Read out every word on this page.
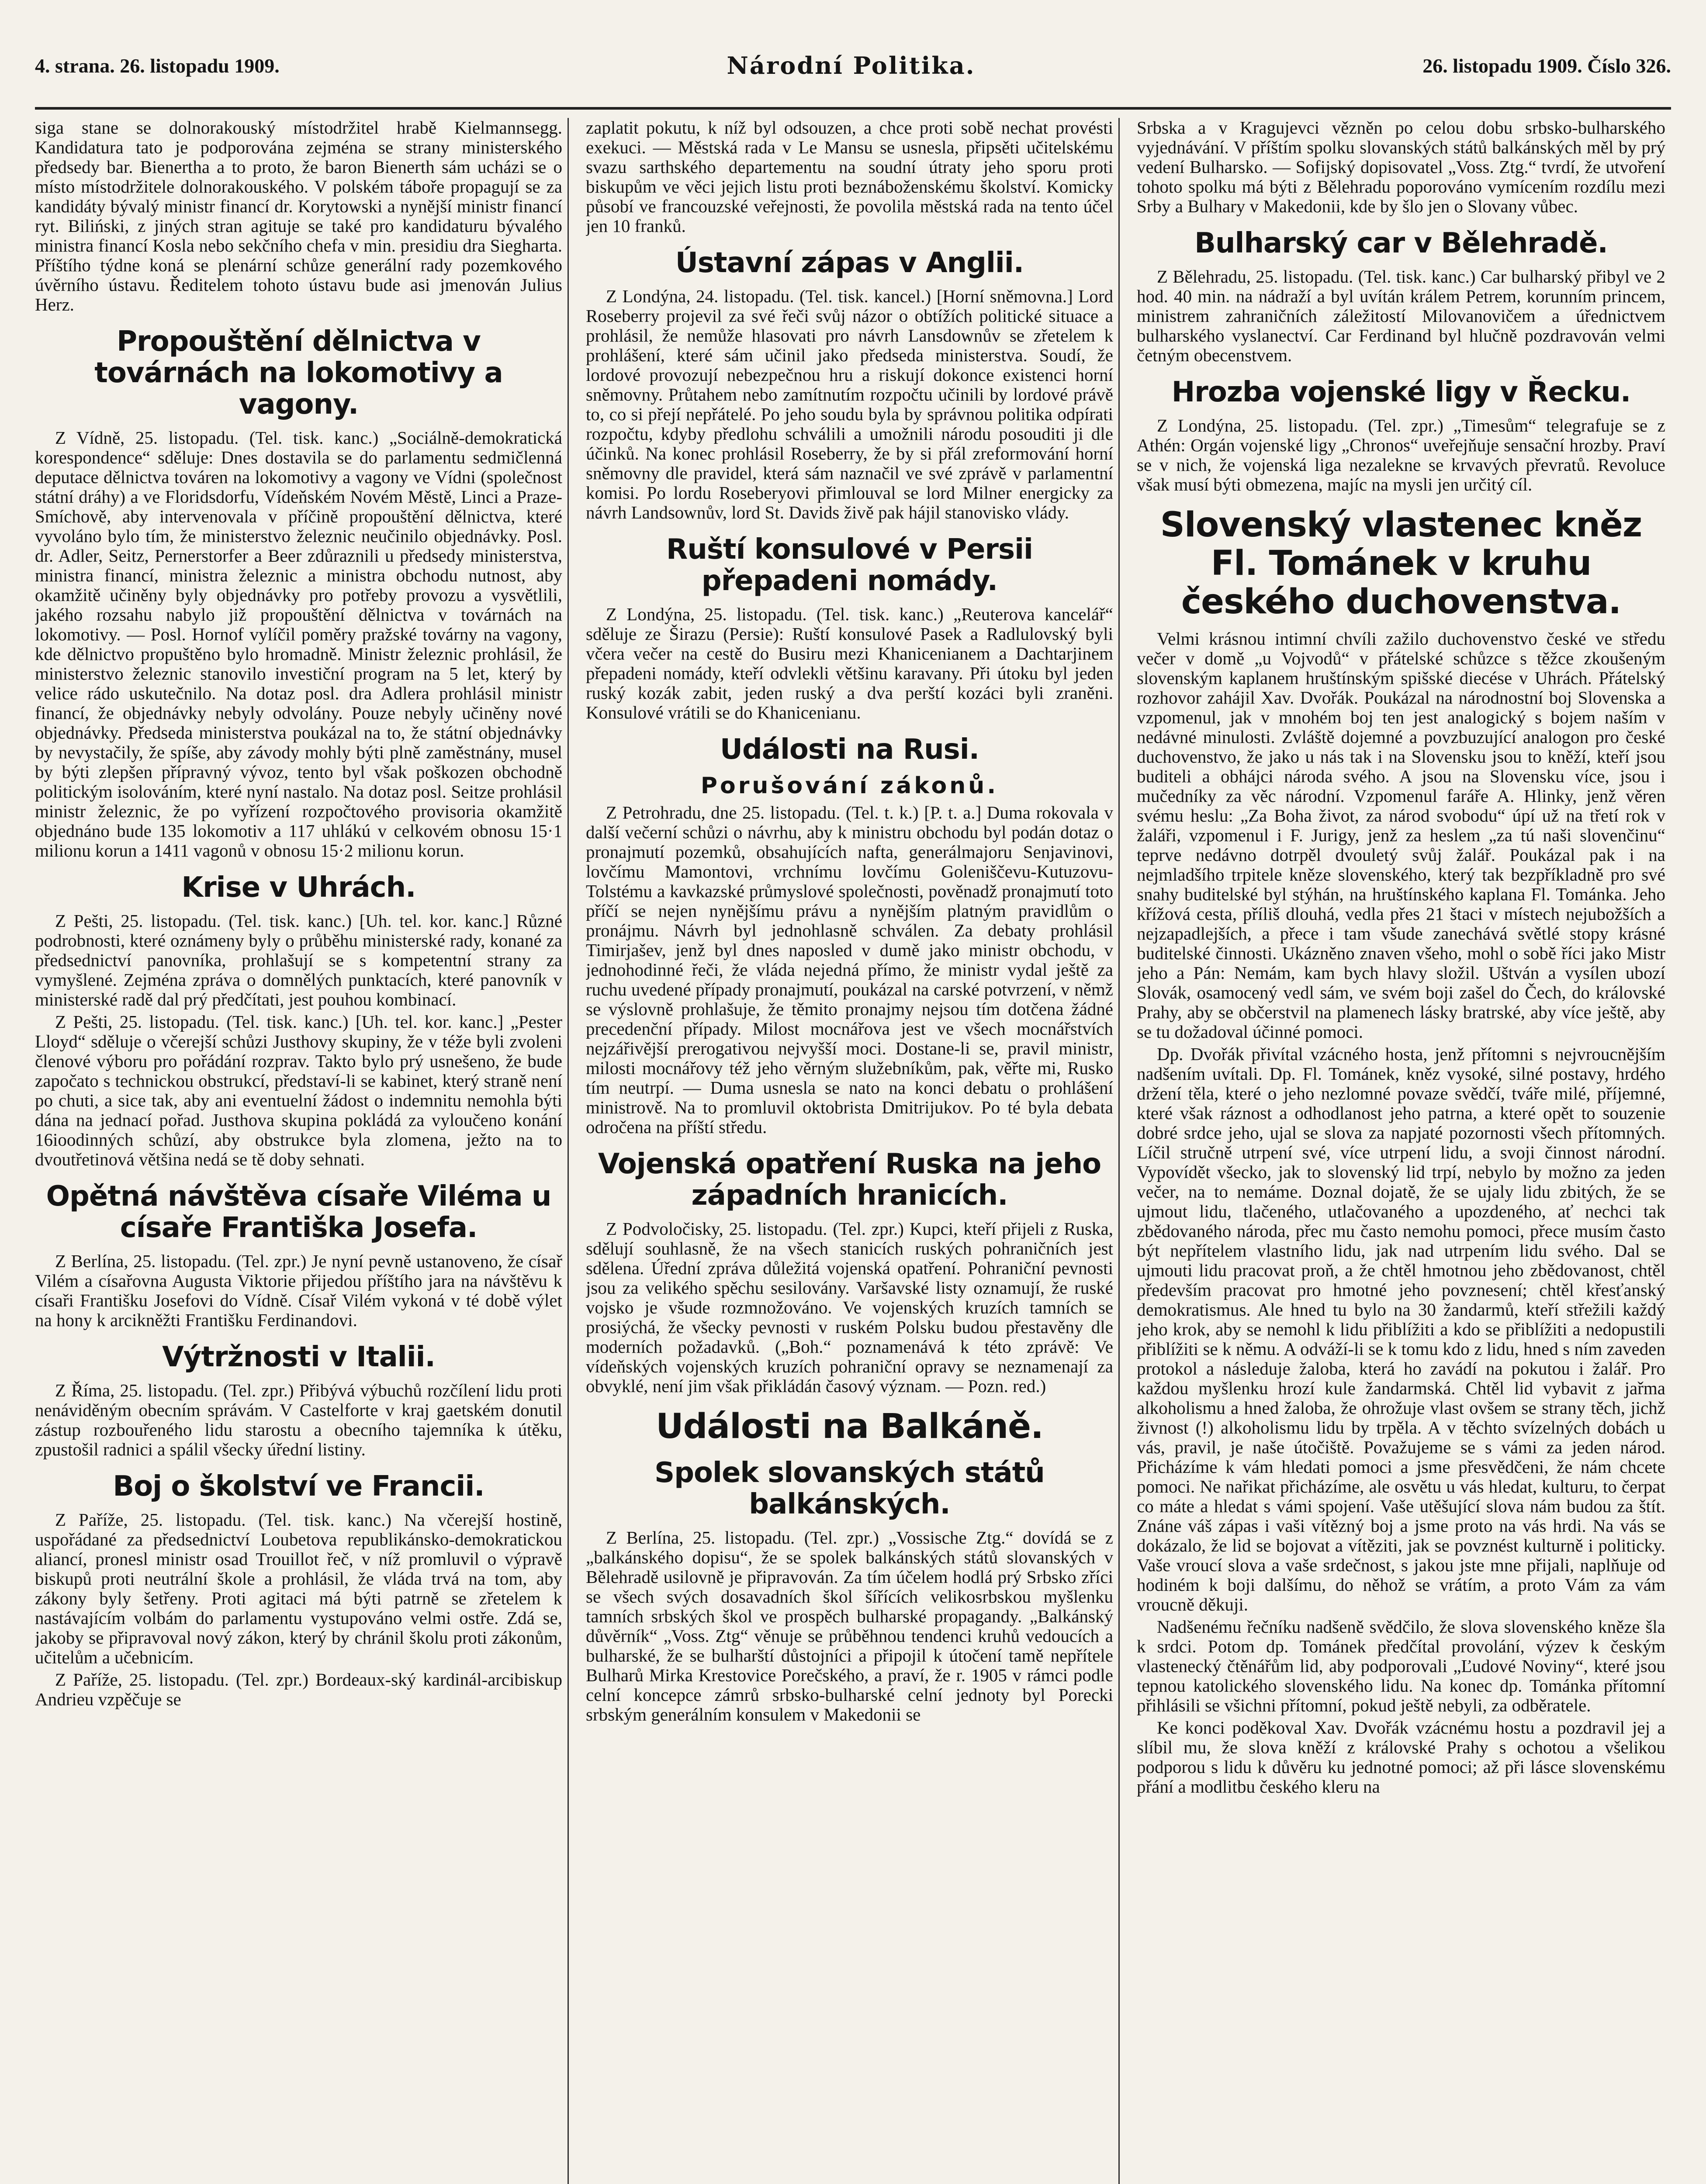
4. strana. 26. listopadu 1909.	Národní Politika.	26. listopadu 1909. Číslo 326.

siga stane se dolnorakouský místodržitel hrabě Kielmannsegg. Kandidatura tato je podporována zejména se strany ministerského předsedy bar. Bienertha a to proto, že baron Bienerth sám ucházi se o místo místodržitele dolnorakouského. V polském táboře propagují se za kandidáty bývalý ministr financí dr. Korytowski a nynější ministr financí ryt. Biliński, z jiných stran agituje se také pro kandidaturu bývalého ministra financí Kosla nebo sekčního chefa v min. presidiu dra Sieghartа. Příštího týdne koná se plenární schůze generální rady pozemkového úvěrního ústavu. Ředitelem tohoto ústavu bude asi jmenován Julius Herz.

Propouštění dělnictva v továrnách na lokomotivy a vagony.

Z Vídně, 25. listopadu. (Tel. tisk. kanc.) „Sociálně-demokratická korespondence“ sděluje: Dnes dostavila se do parlamentu sedmičlenná deputace dělnictva továren na lokomotivy a vagony ve Vídni (společnost státní dráhy) a ve Floridsdorfu, Vídeňském Novém Městě, Linci a Praze-Smíchově, aby intervenovala v příčině propouštění dělnictva, které vyvoláno bylo tím, že ministerstvo železnic neučinilo objednávky. Posl. dr. Adler, Seitz, Pernerstorfer a Beer zdůraznili u předsedy ministerstva, ministra financí, ministra železnic a ministra obchodu nutnost, aby okamžitě učiněny byly objednávky pro potřeby provozu a vysvětlili, jakého rozsahu nabylo již propouštění dělnictva v továrnách na lokomotivy. — Posl. Hornof vylíčil poměry pražské továrny na vagony, kde dělnictvo propuštěno bylo hromadně. Ministr železnic prohlásil, že ministerstvo železnic stanovilo investiční program na 5 let, který by velice rádo uskutečnilo. Na dotaz posl. dra Adlera prohlásil ministr financí, že objednávky nebyly odvolány. Pouze nebyly učiněny nové objednávky. Předseda ministerstva poukázal na to, že státní objednávky by nevystačily, že spíše, aby závody mohly býti plně zaměstnány, musel by býti zlepšen přípravný vývoz, tento byl však poškozen obchodně politickým isolováním, které nyní nastalo. Na dotaz posl. Seitze prohlásil ministr železnic, že po vyřízení rozpočtového provisoria okamžitě objednáno bude 135 lokomotiv a 117 uhlákú v celkovém obnosu 15·1 milionu korun a 1411 vagonů v obnosu 15·2 milionu korun.

Krise v Uhrách.

Z Pešti, 25. listopadu. (Tel. tisk. kanc.) [Uh. tel. kor. kanc.] Různé podrobnosti, které oznámeny byly o průběhu ministerské rady, konané za předsednictví panovníka, prohlašují se s kompetentní strany za vymyšlené. Zejména zpráva o domnělých punktacích, které panovník v ministerské radě dal prý předčítati, jest pouhou kombinací.

Z Pešti, 25. listopadu. (Tel. tisk. kanc.) [Uh. tel. kor. kanc.] „Pester Lloyd“ sděluje o včerejší schůzi Justhovy skupiny, že v téže byli zvoleni členové výboru pro pořádání rozprav. Takto bylo prý usnešeno, že bude započato s technickou obstrukcí, představí-li se kabinet, který straně není po chuti, a sice tak, aby ani eventuelní žádost o indemnitu nemohla býti dána na jednací pořad. Justhova skupina pokládá za vyloučeno konání 16ioodinných schůzí, aby obstrukce byla zlomena, ježto na to dvoutřetinová většina nedá se tě doby sehnati.

Opětná návštěva císaře Viléma u císaře Františka Josefa.

Z Berlína, 25. listopadu. (Tel. zpr.) Je nyní pevně ustanoveno, že císař Vilém a císařovna Augusta Viktorie přijedou příštího jara na návštěvu k císaři Františku Josefovi do Vídně. Císař Vilém vykoná v té době výlet na hony k arcikněžti Františku Ferdinandovi.

Výtržnosti v Italii.

Z Říma, 25. listopadu. (Tel. zpr.) Přibývá výbuchů rozčílení lidu proti nenáviděným obecním správám. V Castelforte v kraj gaetském donutil zástup rozbouřeného lidu starostu a obecního tajemníka k útěku, zpustošil radnici a spálil všecky úřední listiny.

Boj o školství ve Francii.

Z Paříže, 25. listopadu. (Tel. tisk. kanc.) Na včerejší hostině, uspořádané za předsednictví Loubetova republikánsko-demokratickou aliancí, pronesl ministr osad Trouillot řeč, v níž promluvil o výpravě biskupů proti neutrální škole a prohlásil, že vláda trvá na tom, aby zákony byly šetřeny. Proti agitaci má býti patrně se zřetelem k nastávajícím volbám do parlamentu vystupováno velmi ostře. Zdá se, jakoby se připravoval nový zákon, který by chránil školu proti zákonům, učitelům a učebnicím.

Z Paříže, 25. listopadu. (Tel. zpr.) Bordeaux-ský kardinál-arcibiskup Andrieu vzpěčuje se

zaplatit pokutu, k níž byl odsouzen, a chce proti sobě nechat provésti exekuci. — Městská rada v Le Mansu se usnesla, připsěti učitelskému svazu sarthského departementu na soudní útraty jeho sporu proti biskupům ve věci jejich listu proti beznáboženskému školství. Komicky působí ve francouzské veřejnosti, že povolila městská rada na tento účel jen 10 franků.

Ústavní zápas v Anglii.

Z Londýna, 24. listopadu. (Tel. tisk. kancel.) [Horní sněmovna.] Lord Roseberry projevil za své řeči svůj názor o obtížích politické situace a prohlásil, že nemůže hlasovati pro návrh Lansdownův se zřetelem k prohlášení, které sám učinil jako předseda ministerstva. Soudí, že lordové provozují nebezpečnou hru a riskují dokonce existenci horní sněmovny. Průtahem nebo zamítnutím rozpočtu učinili by lordové právě to, co si přejí nepřátelé. Po jeho soudu byla by správnou politika odpírati rozpočtu, kdyby předlohu schválili a umožnili národu posouditi ji dle účinků. Na konec prohlásil Roseberry, že by si přál zreformování horní sněmovny dle pravidel, která sám naznačil ve své zprávě v parlamentní komisi. Po lordu Roseberyovi přimlouval se lord Milner energicky za návrh Landsownův, lord St. Davids živě pak hájil stanovisko vlády.

Ruští konsulové v Persii přepadeni nomády.

Z Londýna, 25. listopadu. (Tel. tisk. kanc.) „Reuterova kancelář“ sděluje ze Širazu (Persie): Ruští konsulové Pasek a Radlulovský byli včera večer na cestě do Busiru mezi Khanicenianem a Dachtarjinem přepadeni nomády, kteří odvlekli většinu karavany. Při útoku byl jeden ruský kozák zabit, jeden ruský a dva perští kozáci byli zraněni. Konsulové vrátili se do Khanicenianu.

Události na Rusi.
Porušování zákonů.

Z Petrohradu, dne 25. listopadu. (Tel. t. k.) [P. t. a.] Duma rokovala v další večerní schůzi o návrhu, aby k ministru obchodu byl podán dotaz o pronajmutí pozemků, obsahujících nafta, generálmajoru Senjavinovi, lovčímu Mamontovi, vrchnímu lovčímu Goleniščevu-Kutuzovu-Tolstému a kavkazské průmyslové společnosti, pověnadž pronajmutí toto příčí se nejen nynějšímu právu a nynějším platným pravidlům o pronájmu. Návrh byl jednohlasně schválen. Za debaty prohlásil Timirjašev, jenž byl dnes naposled v dumě jako ministr obchodu, v jednohodinné řeči, že vláda nejedná přímo, že ministr vydal ještě za ruchu uvedené případy pronajmutí, poukázal na carské potvrzení, v němž se výslovně prohlašuje, že těmito pronajmy nejsou tím dotčena žádné precedenční případy. Milost mocnářova jest ve všech mocnářstvích nejzářivější prerogativou nejvyšší moci. Dostane-li se, pravil ministr, milosti mocnářovy též jeho věrným služebníkům, pak, věřte mi, Rusko tím neutrpí. — Duma usnesla se nato na konci debatu o prohlášení ministrově. Na to promluvil oktobrista Dmitrijukov. Po té byla debata odročena na příští středu.

Vojenská opatření Ruska na jeho západních hranicích.

Z Podvoločisky, 25. listopadu. (Tel. zpr.) Kupci, kteří přijeli z Ruska, sdělují souhlasně, že na všech stanicích ruských pohraničních jest sdělena. Úřední zpráva důležitá vojenská opatření. Pohraniční pevnosti jsou za velikého spěchu sesilovány. Varšavské listy oznamují, že ruské vojsko je všude rozmnožováno. Ve vojenských kruzích tamních se prosiýchá, že všecky pevnosti v ruském Polsku budou přestavěny dle moderních požadavků. („Boh.“ poznamenává k této zprávě: Ve vídeňských vojenských kruzích pohraniční opravy se neznamenají za obvyklé, není jim však přikládán časový význam. — Pozn. red.)

Události na Balkáně.
Spolek slovanských států balkánských.

Z Berlína, 25. listopadu. (Tel. zpr.) „Vossische Ztg.“ dovídá se z „balkánského dopisu“, že se spolek balkánských států slovanských v Bělehradě usilovně je připravován. Za tím účelem hodlá prý Srbsko zříci se všech svých dosavadních škol šířících velikosrbskou myšlenku tamních srbských škol ve prospěch bulharské propagandy. „Balkánský důvěrník“ „Voss. Ztg“ věnuje se průběhnou tendenci kruhů vedoucích a bulharské, že se bulharští důstojníci a připojil k útočení tamě nepřítele Bulharů Mirka Krestovice Porečského, a praví, že r. 1905 v rámci podle celní koncepce zámrů srbsko-bulharské celní jednoty byl Porecki srbským generálním konsulem v Makedonii se

Srbska a v Kragujevci vězněn po celou dobu srbsko-bulharského vyjednávání. V příštím spolku slovanských států balkánských měl by prý vedení Bulharsko. — Sofijský dopisovatel „Voss. Ztg.“ tvrdí, že utvoření tohoto spolku má býti z Bělehradu poporováno vymícením rozdílu mezi Srby a Bulhary v Makedonii, kde by šlo jen o Slovany vůbec.

Bulharský car v Bělehradě.

Z Bělehradu, 25. listopadu. (Tel. tisk. kanc.) Car bulharský přibyl ve 2 hod. 40 min. na nádraží a byl uvítán králem Petrem, korunním princem, ministrem zahraničních záležitostí Milovanovičem a úřednictvem bulharského vyslanectví. Car Ferdinand byl hlučně pozdravován velmi četným obecenstvem.

Hrozba vojenské ligy v Řecku.

Z Londýna, 25. listopadu. (Tel. zpr.) „Timesům“ telegrafuje se z Athén: Orgán vojenské ligy „Chronos“ uveřejňuje sensační hrozby. Praví se v nich, že vojenská liga nezalekne se krvavých převratů. Revoluce však musí býti obmezena, majíc na mysli jen určitý cíl.

Slovenský vlastenec kněz Fl. Tománek v kruhu českého duchovenstva.

Velmi krásnou intimní chvíli zažilo duchovenstvo české ve středu večer v domě „u Vojvodů“ v přátelské schůzce s těžce zkoušeným slovenským kaplanem hruštínským spišské diecése v Uhrách. Přátelský rozhovor zahájil Xav. Dvořák. Poukázal na národnostní boj Slovenska a vzpomenul, jak v mnohém boj ten jest analogický s bojem naším v nedávné minulosti. Zvláště dojemné a povzbuzující analogon pro české duchovenstvo, že jako u nás tak i na Slovensku jsou to kněží, kteří jsou buditeli a obhájci národa svého. A jsou na Slovensku více, jsou i mučedníky za věc národní. Vzpomenul faráře A. Hlinky, jenž věren svému heslu: „Za Boha život, za národ svobodu“ úpí už na třetí rok v žaláři, vzpomenul i F. Jurigy, jenž za heslem „za tú naši slovenčinu“ teprve nedávno dotrpěl dvouletý svůj žalář. Poukázal pak i na nejmladšího trpitele kněze slovenského, který tak bezpříkladně pro své snahy buditelské byl stýhán, na hruštínského kaplana Fl. Tománka. Jeho křížová cesta, příliš dlouhá, vedla přes 21 štaci v místech nejubožších a nejzapadlejších, a přece i tam všude zanechává světlé stopy krásné buditelské činnosti. Ukázněno znaven všeho, mohl o sobě říci jako Mistr jeho a Pán: Nemám, kam bych hlavy složil. Uštván a vysílen ubozí Slovák, osamocený vedl sám, ve svém boji zašel do Čech, do královské Prahy, aby se občerstvil na plamenech lásky bratrské, aby více ještě, aby se tu dožadoval účinné pomoci.

Dp. Dvořák přivítal vzácného hosta, jenž přítomni s nejvroucnějším nadšením uvítali. Dp. Fl. Tománek, kněz vysoké, silné postavy, hrdého držení těla, které o jeho nezlomné povaze svědčí, tváře milé, příjemné, které však ráznost a odhodlanost jeho patrna, a které opět to souzenie dobré srdce jeho, ujal se slova za napjaté pozornosti všech přítomných. Líčil stručně utrpení své, více utrpení lidu, a svoji činnost národní. Vypovídět všecko, jak to slovenský lid trpí, nebylo by možno za jeden večer, na to nemáme. Doznal dojatě, že se ujaly lidu zbitých, že se ujmout lidu, tlačeného, utlačovaného a upozdeného, ať nechci tak zbědovaného národa, přec mu často nemohu pomoci, přece musím často být nepřítelem vlastního lidu, jak nad utrpením lidu svého. Dal se ujmouti lidu pracovat proň, a že chtěl hmotnou jeho zbědovanost, chtěl především pracovat pro hmotné jeho povznesení; chtěl křesťanský demokratismus. Ale hned tu bylo na 30 žandarmů, kteří střežili každý jeho krok, aby se nemohl k lidu přiblížiti a kdo se přiblížiti a nedopustili přiblížiti se k němu. A odváží-li se k tomu kdo z lidu, hned s ním zaveden protokol a následuje žaloba, která ho zavádí na pokutou i žalář. Pro každou myšlenku hrozí kule žandarmská. Chtěl lid vybavit z jařma alkoholismu a hned žaloba, že ohrožuje vlast ovšem se strany těch, jichž živnost (!) alkoholismu lidu by trpěla. A v těchto svízelných dobách u vás, pravil, je naše útočiště. Považujeme se s vámi za jeden národ. Přicházíme k vám hledati pomoci a jsme přesvědčeni, že nám chcete pomoci. Ne nařikat přicházíme, ale osvětu u vás hledat, kulturu, to čerpat co máte a hledat s vámi spojení. Vaše utěšující slova nám budou za štít. Znáne váš zápas i vaši vítězný boj a jsme proto na vás hrdi. Na vás se dokázalo, že lid se bojovat a vítěziti, jak se povznést kulturně i politicky. Vaše vroucí slova a vaše srdečnost, s jakou jste mne přijali, naplňuje od hodiném k boji dalšímu, do něhož se vrátím, a proto Vám za vám vroucně děkuji.

Nadšenému řečníku nadšeně svědčilo, že slova slovenského kněze šla k srdci. Potom dp. Tománek předčítal provolání, výzev k českým vlastenecký čtěnářům lid, aby podporovali „Ľudové Noviny“, které jsou tepnou katolického slovenského lidu. Na konec dp. Tománka přítomní přihlásili se všichni přítomní, pokud ještě nebyli, za odběratele.

Ke konci poděkoval Xav. Dvořák vzácnému hostu a pozdravil jej a slíbil mu, že slova kněží z královské Prahy s ochotou a všelikou podporou s lidu k důvěru ku jednotné pomoci; až při lásce slovenskému přání a modlitbu českého kleru na
